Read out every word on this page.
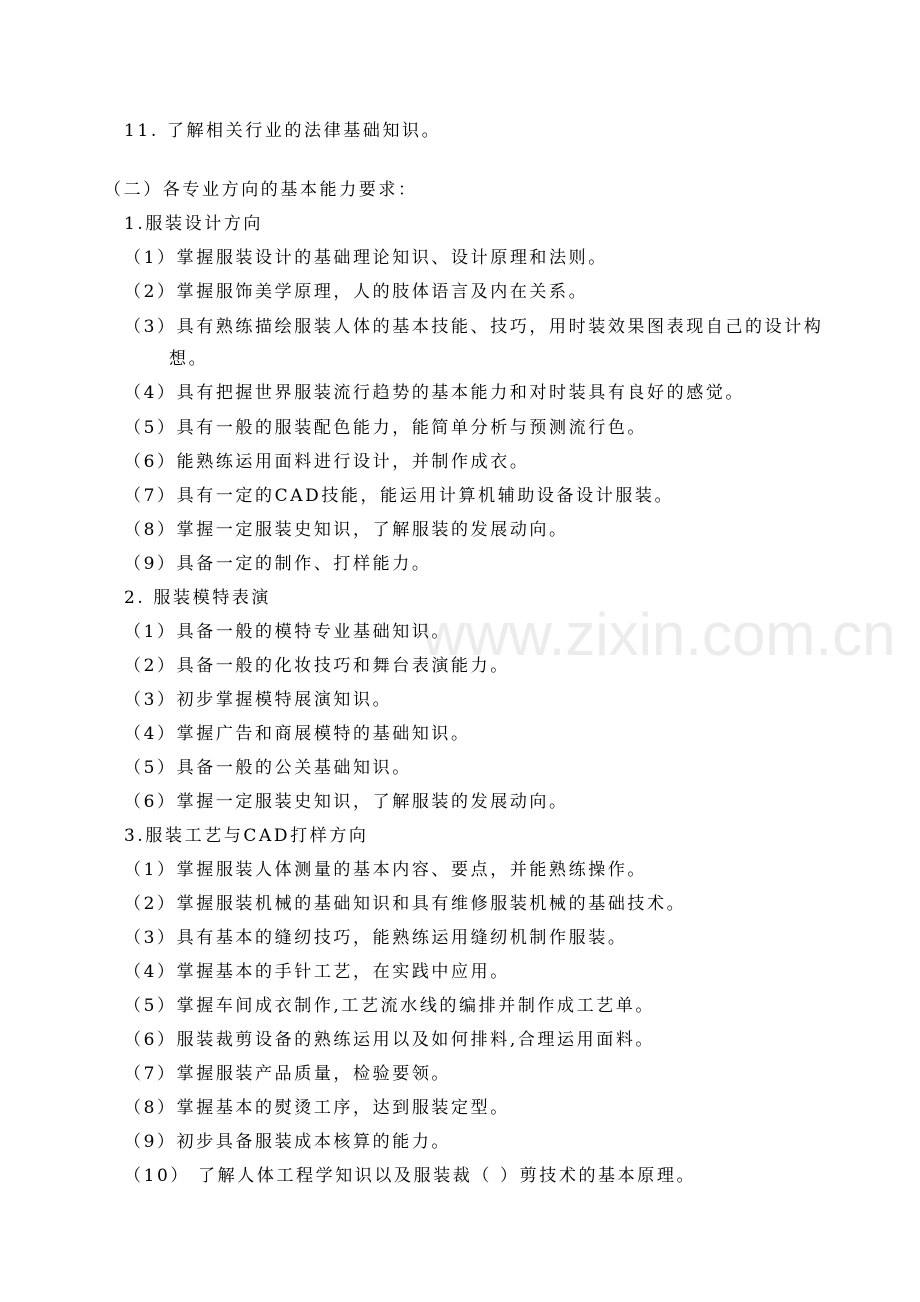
www.zixin.com.cn
11. 了解相关行业的法律基础知识。
（二）各专业方向的基本能力要求：
1.服装设计方向
（1）掌握服装设计的基础理论知识、设计原理和法则。
（2）掌握服饰美学原理，人的肢体语言及内在关系。
（3）具有熟练描绘服装人体的基本技能、技巧，用时装效果图表现自己的设计构
想。
（4）具有把握世界服装流行趋势的基本能力和对时装具有良好的感觉。
（5）具有一般的服装配色能力，能简单分析与预测流行色。
（6）能熟练运用面料进行设计，并制作成衣。
（7）具有一定的CAD技能，能运用计算机辅助设备设计服装。
（8）掌握一定服装史知识，了解服装的发展动向。
（9）具备一定的制作、打样能力。
2. 服装模特表演
（1）具备一般的模特专业基础知识。
（2）具备一般的化妆技巧和舞台表演能力。
（3）初步掌握模特展演知识。
（4）掌握广告和商展模特的基础知识。
（5）具备一般的公关基础知识。
（6）掌握一定服装史知识，了解服装的发展动向。
3.服装工艺与CAD打样方向
（1）掌握服装人体测量的基本内容、要点，并能熟练操作。
（2）掌握服装机械的基础知识和具有维修服装机械的基础技术。
（3）具有基本的缝纫技巧，能熟练运用缝纫机制作服装。
（4）掌握基本的手针工艺，在实践中应用。
（5）掌握车间成衣制作,工艺流水线的编排并制作成工艺单。
（6）服装裁剪设备的熟练运用以及如何排料,合理运用面料。
（7）掌握服装产品质量，检验要领。
（8）掌握基本的熨烫工序，达到服装定型。
（9）初步具备服装成本核算的能力。
（10） 了解人体工程学知识以及服装裁（ ）剪技术的基本原理。
